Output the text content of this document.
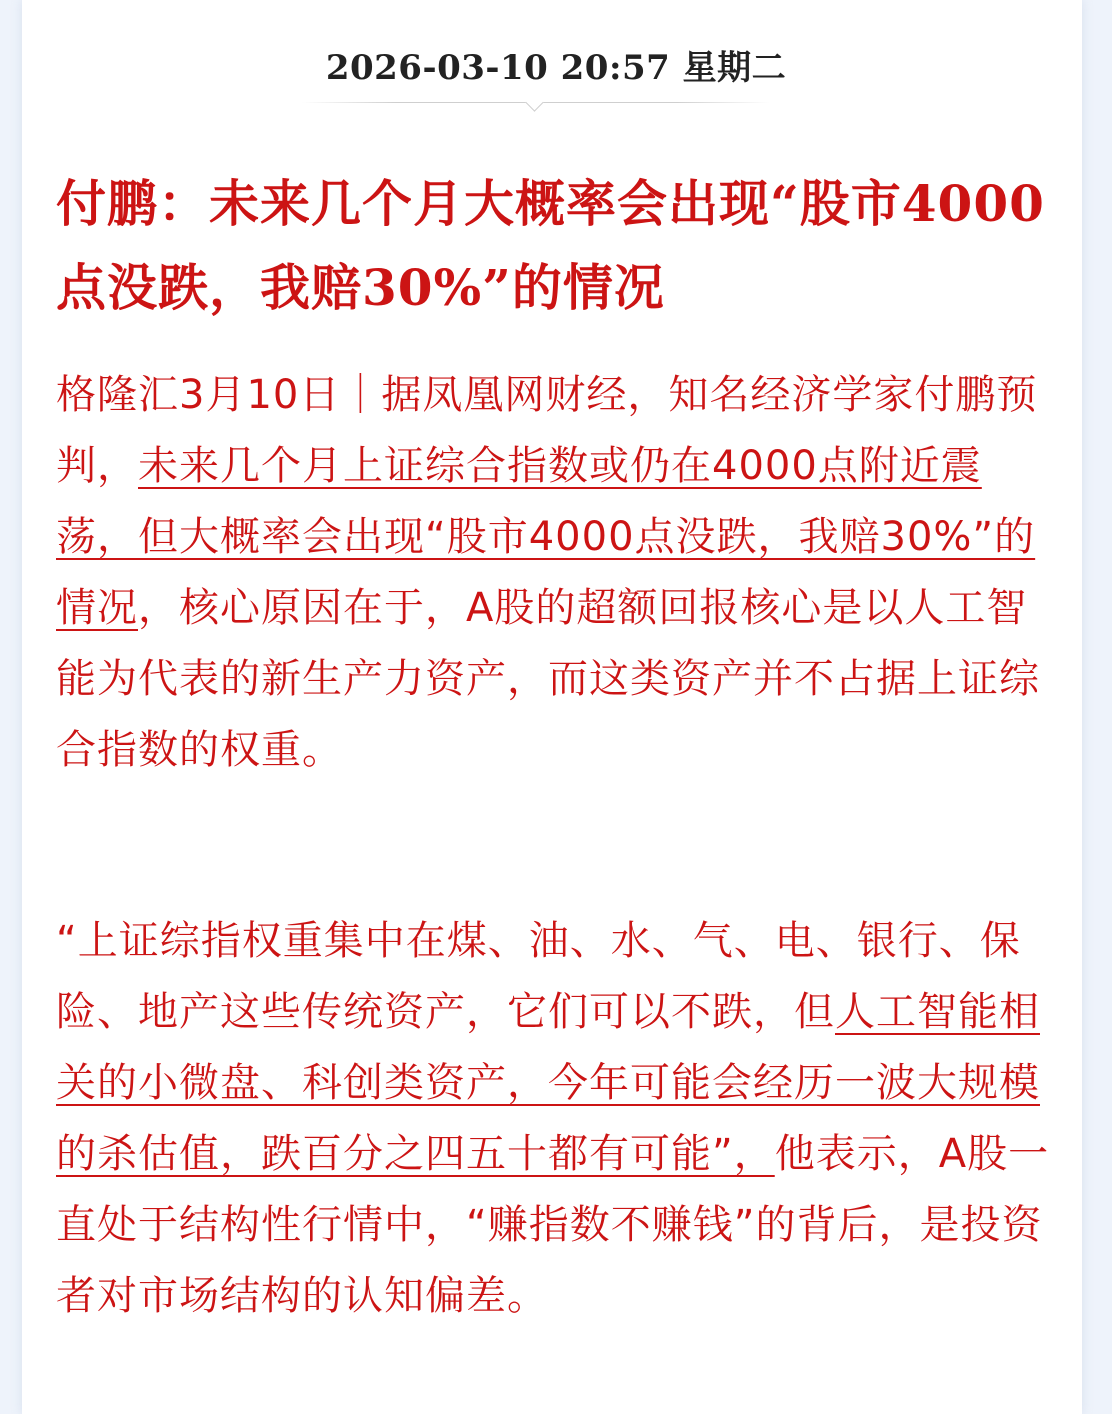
2026-03-10 20:57 星期二
付鹏：未来几个月大概率会出现“股市4000点没跌，我赔30%”的情况

格隆汇3月10日｜据凤凰网财经，知名经济学家付鹏预判，未来几个月上证综合指数或仍在4000点附近震荡，但大概率会出现“股市4000点没跌，我赔30%”的情况，核心原因在于，A股的超额回报核心是以人工智能为代表的新生产力资产，而这类资产并不占据上证综合指数的权重。

“上证综指权重集中在煤、油、水、气、电、银行、保险、地产这些传统资产，它们可以不跌，但人工智能相关的小微盘、科创类资产，今年可能会经历一波大规模的杀估值，跌百分之四五十都有可能”，他表示，A股一直处于结构性行情中，“赚指数不赚钱”的背后，是投资者对市场结构的认知偏差。
